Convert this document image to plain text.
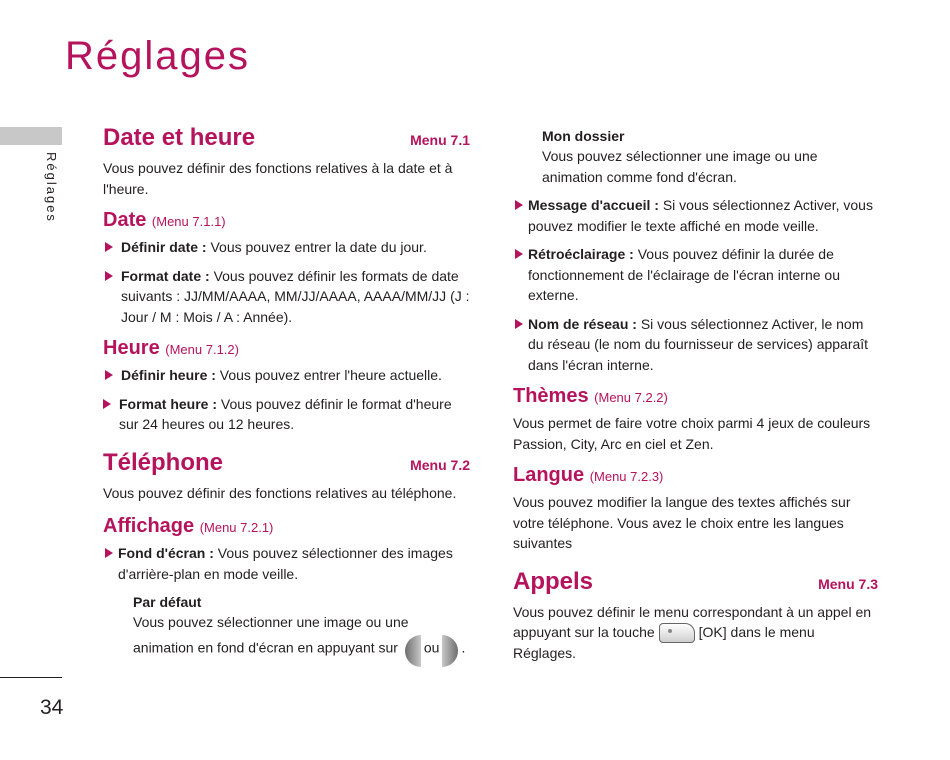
Réglages
Réglages
34
Date et heure	Menu 7.1

Vous pouvez définir des fonctions relatives à la date et à l'heure.

Date (Menu 7.1.1)
Définir date : Vous pouvez entrer la date du jour.
Format date : Vous pouvez définir les formats de date suivants : JJ/MM/AAAA, MM/JJ/AAAA, AAAA/MM/JJ (J : Jour / M : Mois / A : Année).
Heure (Menu 7.1.2)
Définir heure : Vous pouvez entrer l'heure actuelle.
Format heure : Vous pouvez définir le format d'heure sur 24 heures ou 12 heures.
Téléphone	Menu 7.2

Vous pouvez définir des fonctions relatives au téléphone.

Affichage (Menu 7.2.1)
Fond d'écran : Vous pouvez sélectionner des images d'arrière-plan en mode veille.
Par défaut

Vous pouvez sélectionner une image ou une animation en fond d'écran en appuyant sur ou .

Mon dossier

Vous pouvez sélectionner une image ou une animation comme fond d'écran.

Message d'accueil : Si vous sélectionnez Activer, vous pouvez modifier le texte affiché en mode veille.
Rétroéclairage : Vous pouvez définir la durée de fonctionnement de l'éclairage de l'écran interne ou externe.
Nom de réseau : Si vous sélectionnez Activer, le nom du réseau (le nom du fournisseur de services) apparaît dans l'écran interne.
Thèmes (Menu 7.2.2)

Vous permet de faire votre choix parmi 4 jeux de couleurs Passion, City, Arc en ciel et Zen.

Langue (Menu 7.2.3)

Vous pouvez modifier la langue des textes affichés sur votre téléphone. Vous avez le choix entre les langues suivantes

Appels	Menu 7.3

Vous pouvez définir le menu correspondant à un appel en appuyant sur la touche	[OK] dans le menu Réglages.
